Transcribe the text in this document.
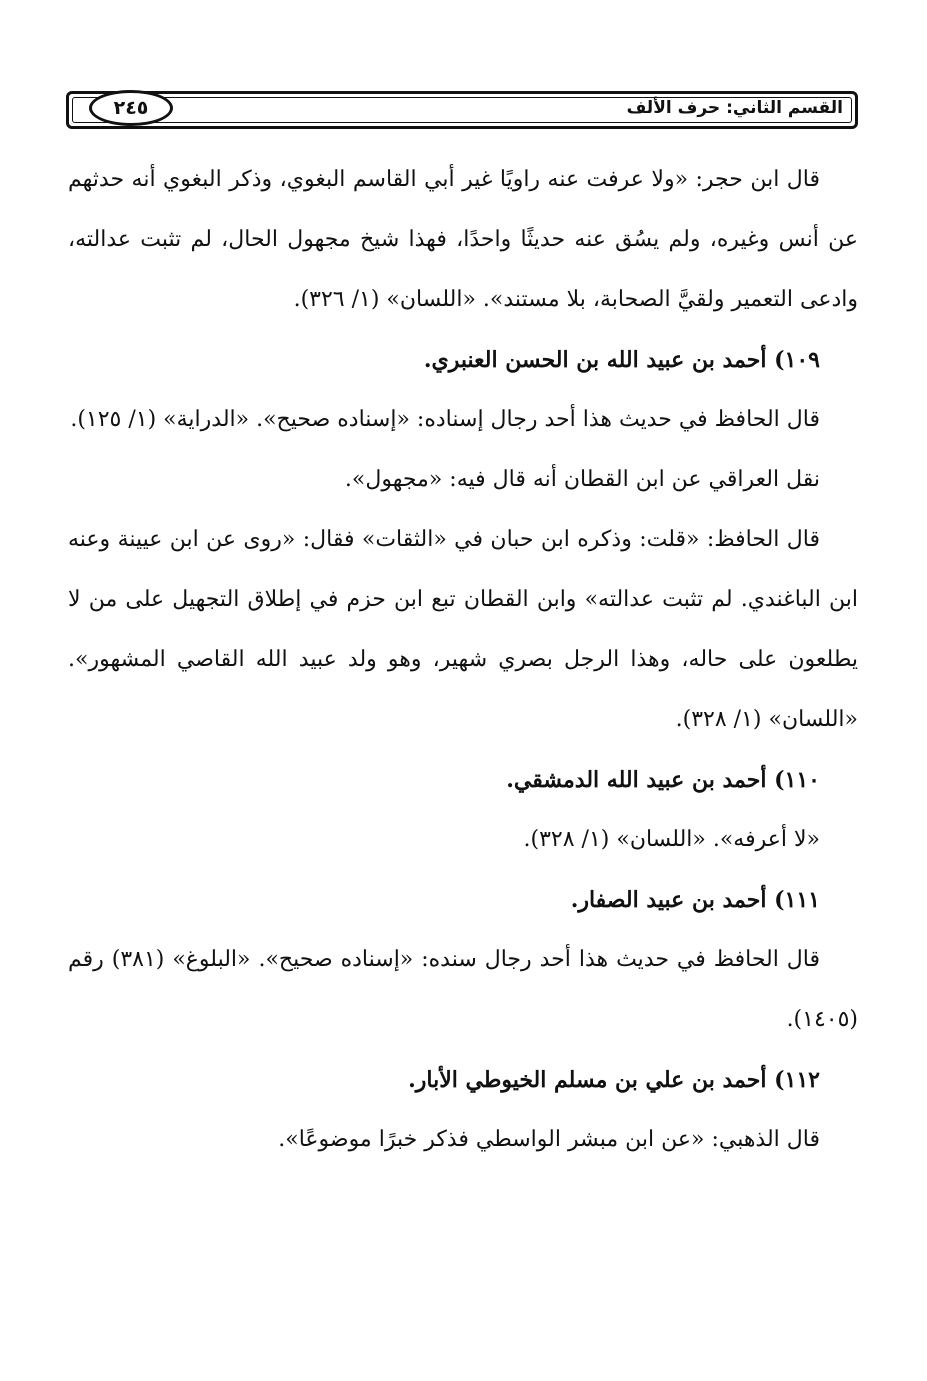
القسم الثاني: حرف الألف
٢٤٥

قال ابن حجر: «ولا عرفت عنه راويًا غير أبي القاسم البغوي، وذكر البغوي أنه حدثهم عن أنس وغيره، ولم يسُق عنه حديثًا واحدًا، فهذا شيخ مجهول الحال، لم تثبت عدالته، وادعى التعمير ولقيَّ الصحابة، بلا مستند». «اللسان» (١/ ٣٢٦).

١٠٩) أحمد بن عبيد الله بن الحسن العنبري.

قال الحافظ في حديث هذا أحد رجال إسناده: «إسناده صحيح». «الدراية» (١/ ١٢٥).

نقل العراقي عن ابن القطان أنه قال فيه: «مجهول».

قال الحافظ: «قلت: وذكره ابن حبان في «الثقات» فقال: «روى عن ابن عيينة وعنه ابن الباغندي. لم تثبت عدالته» وابن القطان تبع ابن حزم في إطلاق التجهيل على من لا يطلعون على حاله، وهذا الرجل بصري شهير، وهو ولد عبيد الله القاصي المشهور». «اللسان» (١/ ٣٢٨).

١١٠) أحمد بن عبيد الله الدمشقي.

«لا أعرفه». «اللسان» (١/ ٣٢٨).

١١١) أحمد بن عبيد الصفار.

قال الحافظ في حديث هذا أحد رجال سنده: «إسناده صحيح». «البلوغ» (٣٨١) رقم (١٤٠٥).

١١٢) أحمد بن علي بن مسلم الخيوطي الأبار.

قال الذهبي: «عن ابن مبشر الواسطي فذكر خبرًا موضوعًا».
